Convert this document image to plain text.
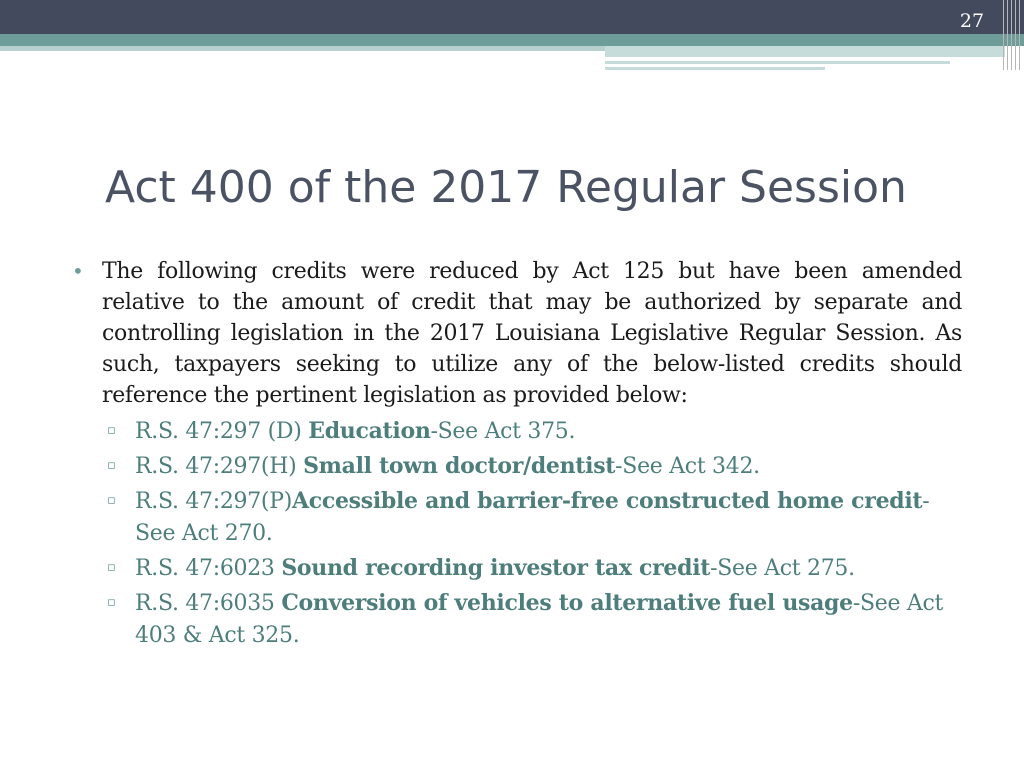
27
Act 400 of the 2017 Regular Session
• The following credits were reduced by Act 125 but have been amended relative to the amount of credit that may be authorized by separate and controlling legislation in the 2017 Louisiana Legislative Regular Session. As such, taxpayers seeking to utilize any of the below-listed credits should reference the pertinent legislation as provided below:
▫ R.S. 47:297 (D) Education-See Act 375.
▫ R.S. 47:297(H) Small town doctor/dentist-See Act 342.
▫ R.S. 47:297(P)Accessible and barrier-free constructed home credit-See Act 270.
▫ R.S. 47:6023 Sound recording investor tax credit-See Act 275.
▫ R.S. 47:6035 Conversion of vehicles to alternative fuel usage-See Act 403 & Act 325.
